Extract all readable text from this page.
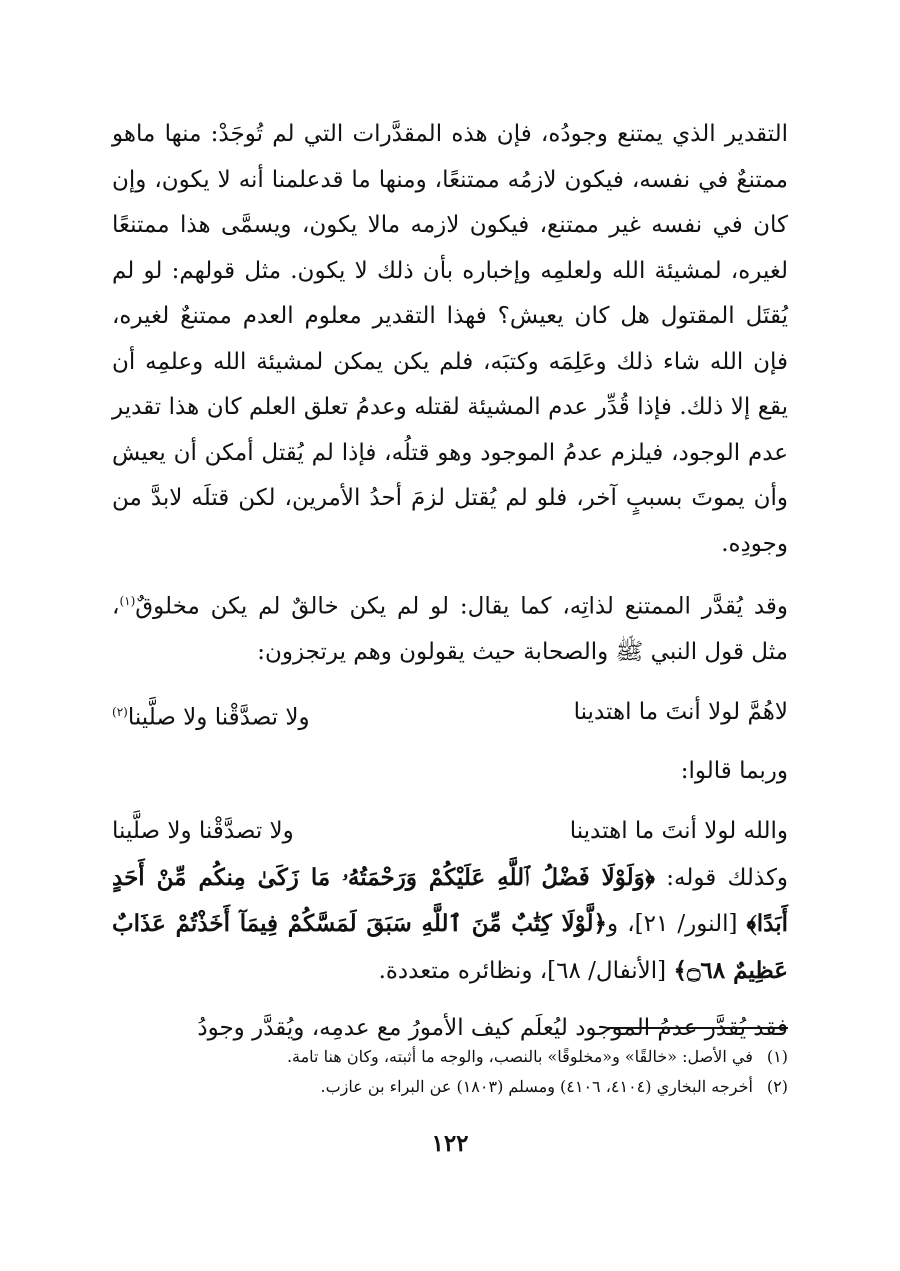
التقدير الذي يمتنع وجودُه، فإن هذه المقدَّرات التي لم تُوجَدْ: منها ماهو ممتنعٌ في نفسه، فيكون لازمُه ممتنعًا، ومنها ما قدعلمنا أنه لا يكون، وإن كان في نفسه غير ممتنع، فيكون لازمه مالا يكون، ويسمَّى هذا ممتنعًا لغيره، لمشيئة الله ولعلمِه وإخباره بأن ذلك لا يكون. مثل قولهم: لو لم يُقتَل المقتول هل كان يعيش؟ فهذا التقدير معلوم العدم ممتنعٌ لغيره، فإن الله شاء ذلك وعَلِمَه وكتبَه، فلم يكن يمكن لمشيئة الله وعلمِه أن يقع إلا ذلك. فإذا قُدِّر عدم المشيئة لقتله وعدمُ تعلق العلم كان هذا تقدير عدم الوجود، فيلزم عدمُ الموجود وهو قتلُه، فإذا لم يُقتل أمكن أن يعيش وأن يموتَ بسببٍ آخر، فلو لم يُقتل لزمَ أحدُ الأمرين، لكن قتلَه لابدَّ من وجودِه.

وقد يُقدَّر الممتنع لذاتِه، كما يقال: لو لم يكن خالقٌ لم يكن مخلوقٌ$^{(١)}$، مثل قول النبي ﷺ والصحابة حيث يقولون وهم يرتجزون:

لاهُمَّ لولا أنتَ ما اهتدينا
ولا تصدَّقْنا ولا صلَّينا$^{(٢)}$

وربما قالوا:

والله لولا أنتَ ما اهتدينا
ولا تصدَّقْنا ولا صلَّينا

وكذلك قوله: ﴿وَلَوْلَا فَضْلُ ٱللَّهِ عَلَيْكُمْ وَرَحْمَتُهُۥ مَا زَكَىٰ مِنكُم مِّنْ أَحَدٍ أَبَدًا﴾ [النور/ ٢١]، و﴿لَّوْلَا كِتَٰبٌ مِّنَ ٱللَّهِ سَبَقَ لَمَسَّكُمْ فِيمَآ أَخَذْتُمْ عَذَابٌ عَظِيمٌ ۝٦٨﴾ [الأنفال/ ٦٨]، ونظائره متعددة.

فقد يُقدَّر عدمُ الموجود ليُعلَم كيف الأمورُ مع عدمِه، ويُقدَّر وجودُ

(١)
في الأصل: «خالقًا» و«مخلوقًا» بالنصب، والوجه ما أثبته، وكان هنا تامة.
(٢)
أخرجه البخاري (٤١٠٤، ٤١٠٦) ومسلم (١٨٠٣) عن البراء بن عازب.
١٢٢
